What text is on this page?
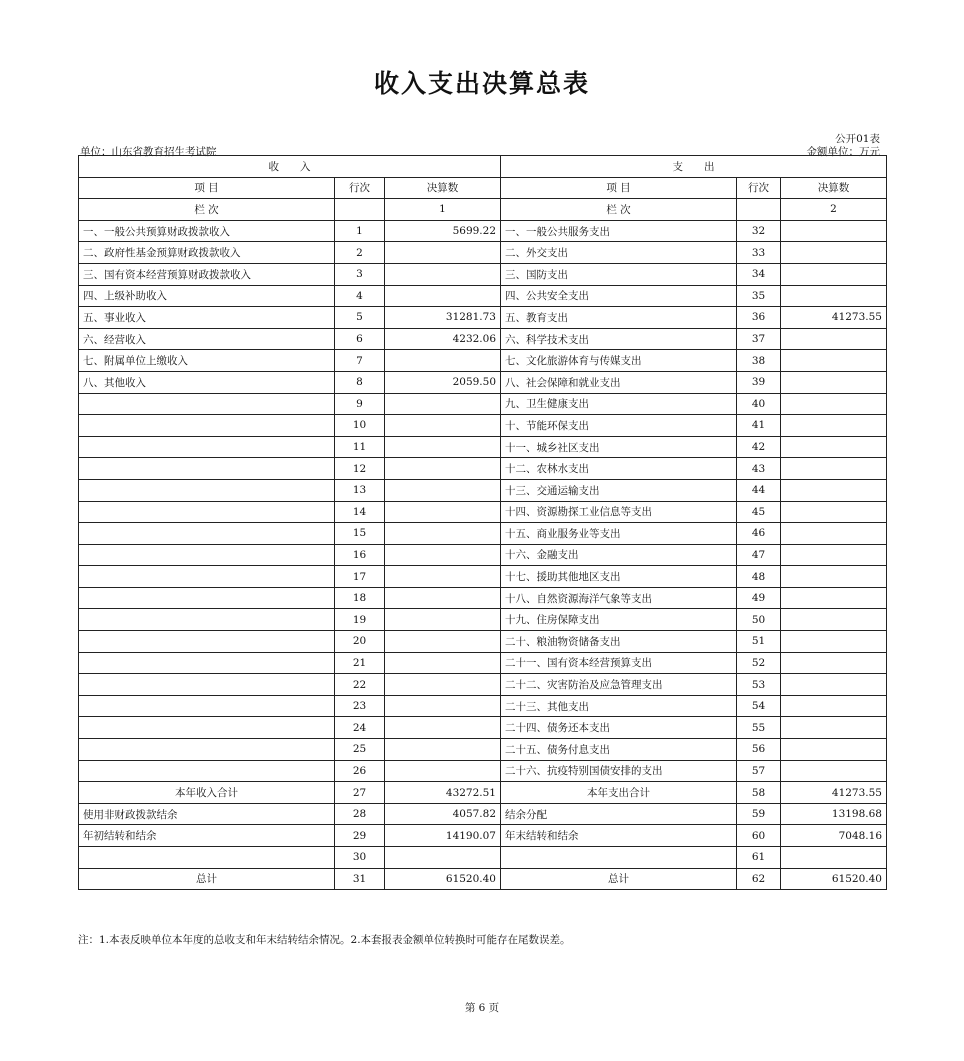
收入支出决算总表
公开01表
单位：山东省教育招生考试院	金额单位：万元
收　　入			支　　出		
项 目	行次	决算数	项 目	行次	决算数
栏 次		1	栏 次		2
一、一般公共预算财政拨款收入	1	5699.22	一、一般公共服务支出	32	
二、政府性基金预算财政拨款收入	2		二、外交支出	33	
三、国有资本经营预算财政拨款收入	3		三、国防支出	34	
四、上级补助收入	4		四、公共安全支出	35	
五、事业收入	5	31281.73	五、教育支出	36	41273.55
六、经营收入	6	4232.06	六、科学技术支出	37	
七、附属单位上缴收入	7		七、文化旅游体育与传媒支出	38	
八、其他收入	8	2059.50	八、社会保障和就业支出	39	
	9		九、卫生健康支出	40	
	10		十、节能环保支出	41	
	11		十一、城乡社区支出	42	
	12		十二、农林水支出	43	
	13		十三、交通运输支出	44	
	14		十四、资源勘探工业信息等支出	45	
	15		十五、商业服务业等支出	46	
	16		十六、金融支出	47	
	17		十七、援助其他地区支出	48	
	18		十八、自然资源海洋气象等支出	49	
	19		十九、住房保障支出	50	
	20		二十、粮油物资储备支出	51	
	21		二十一、国有资本经营预算支出	52	
	22		二十二、灾害防治及应急管理支出	53	
	23		二十三、其他支出	54	
	24		二十四、债务还本支出	55	
	25		二十五、债务付息支出	56	
	26		二十六、抗疫特别国债安排的支出	57	
本年收入合计	27	43272.51	本年支出合计	58	41273.55
使用非财政拨款结余	28	4057.82	结余分配	59	13198.68
年初结转和结余	29	14190.07	年末结转和结余	60	7048.16
	30			61	
总计	31	61520.40	总计	62	61520.40
注：1.本表反映单位本年度的总收支和年末结转结余情况。2.本套报表金额单位转换时可能存在尾数误差。
第 6 页
